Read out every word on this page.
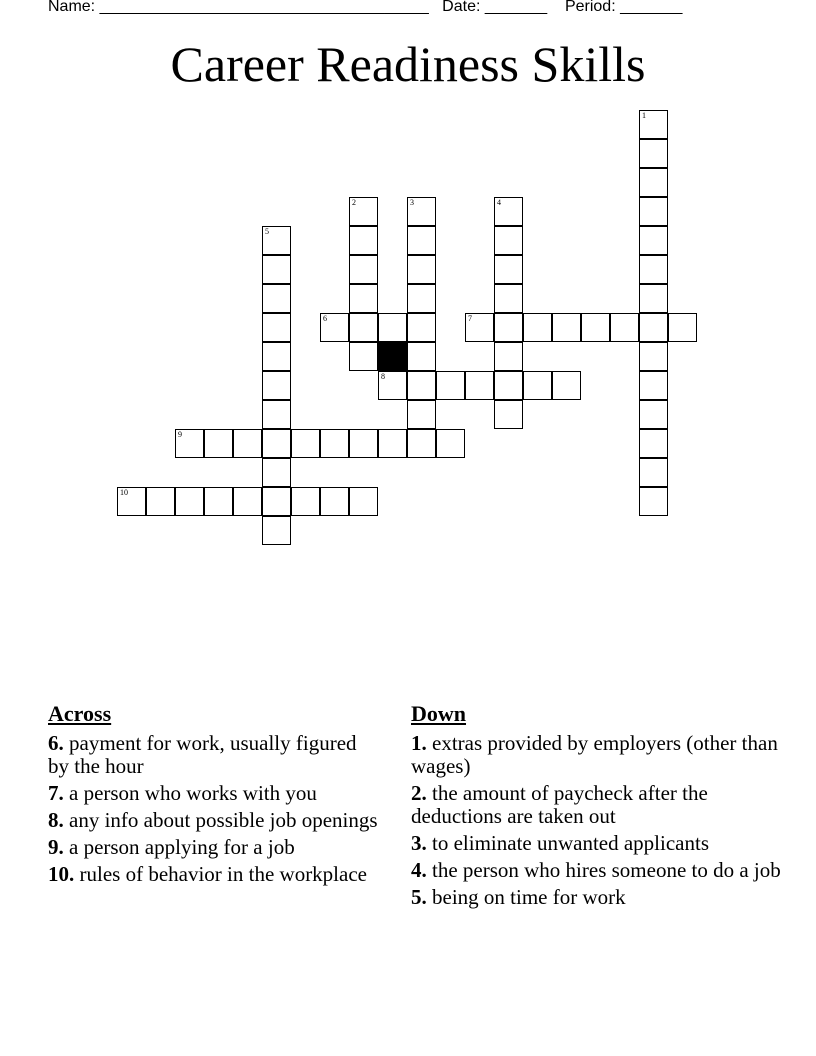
Name: _____________________________________ Date: _______ Period: _______
Career Readiness Skills
1
2	3	4
5
6	7
8
9
10
Across
6. payment for work, usually figured by the hour
7. a person who works with you
8. any info about possible job openings
9. a person applying for a job
10. rules of behavior in the workplace
Down
1. extras provided by employers (other than wages)
2. the amount of paycheck after the deductions are taken out
3. to eliminate unwanted applicants
4. the person who hires someone to do a job
5. being on time for work
